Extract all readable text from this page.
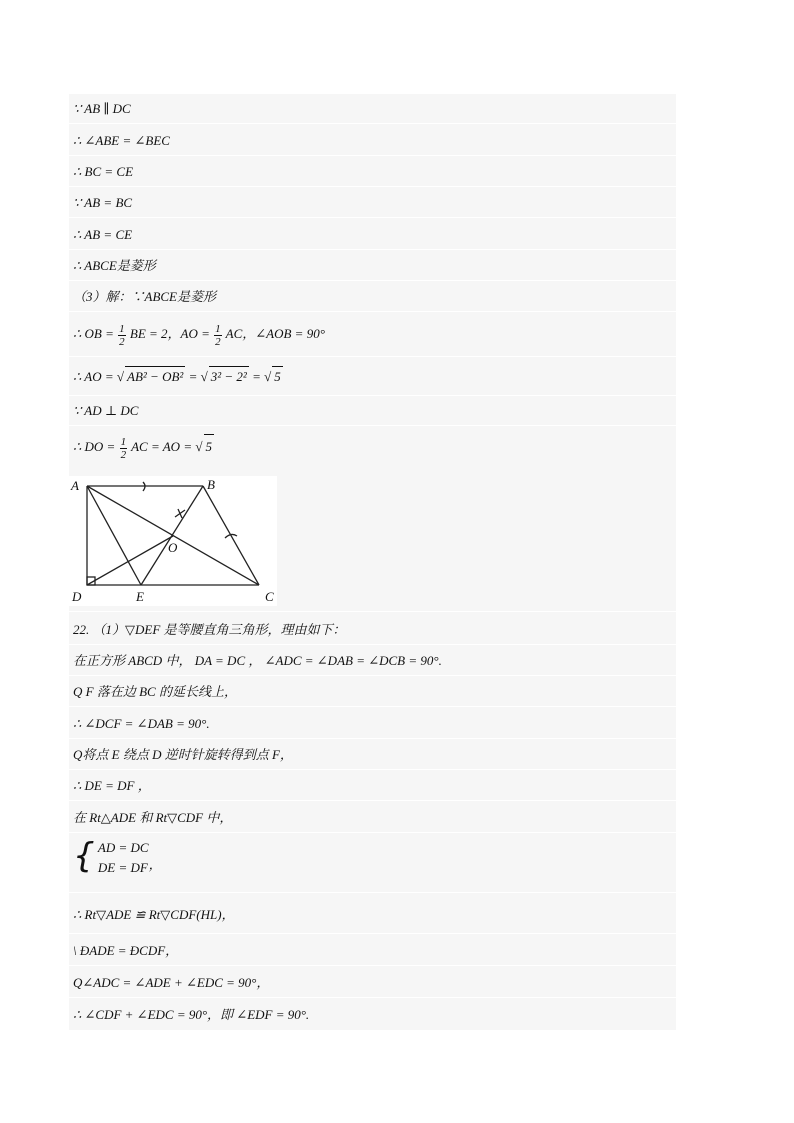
∵ AB ∥ DC
∴ ∠ABE = ∠BEC
∴ BC = CE
∵ AB = BC
∴ AB = CE
∴ ABCE是菱形
（3）解：∵ABCE是菱形
∴ OB = $\frac{1}{2}$ BE = 2，AO = $\frac{1}{2}$ AC，∠AOB = 90°
∴ AO = √ AB² − OB² = √ 3² − 2² = √ 5
∵ AD ⊥ DC
∴ DO = $\frac{1}{2}$ AC = AO = √ 5
A	B
C
D	E
O
22. （1）▽DEF 是等腰直角三角形，理由如下：
在正方形 ABCD 中， DA = DC ， ∠ADC = ∠DAB = ∠DCB = 90°.
Q F 落在边 BC 的延长线上，
∴ ∠DCF = ∠DAB = 90°.
Q将点 E 绕点 D 逆时针旋转得到点 F，
∴ DE = DF ，
在 Rt△ADE 和 Rt▽CDF 中，
{ AD = DC
DE = DF ，
∴ Rt▽ADE ≌ Rt▽CDF(HL)，
\ ÐADE = ÐCDF，
Q∠ADC = ∠ADE + ∠EDC = 90°，
∴ ∠CDF + ∠EDC = 90°，即 ∠EDF = 90°.
